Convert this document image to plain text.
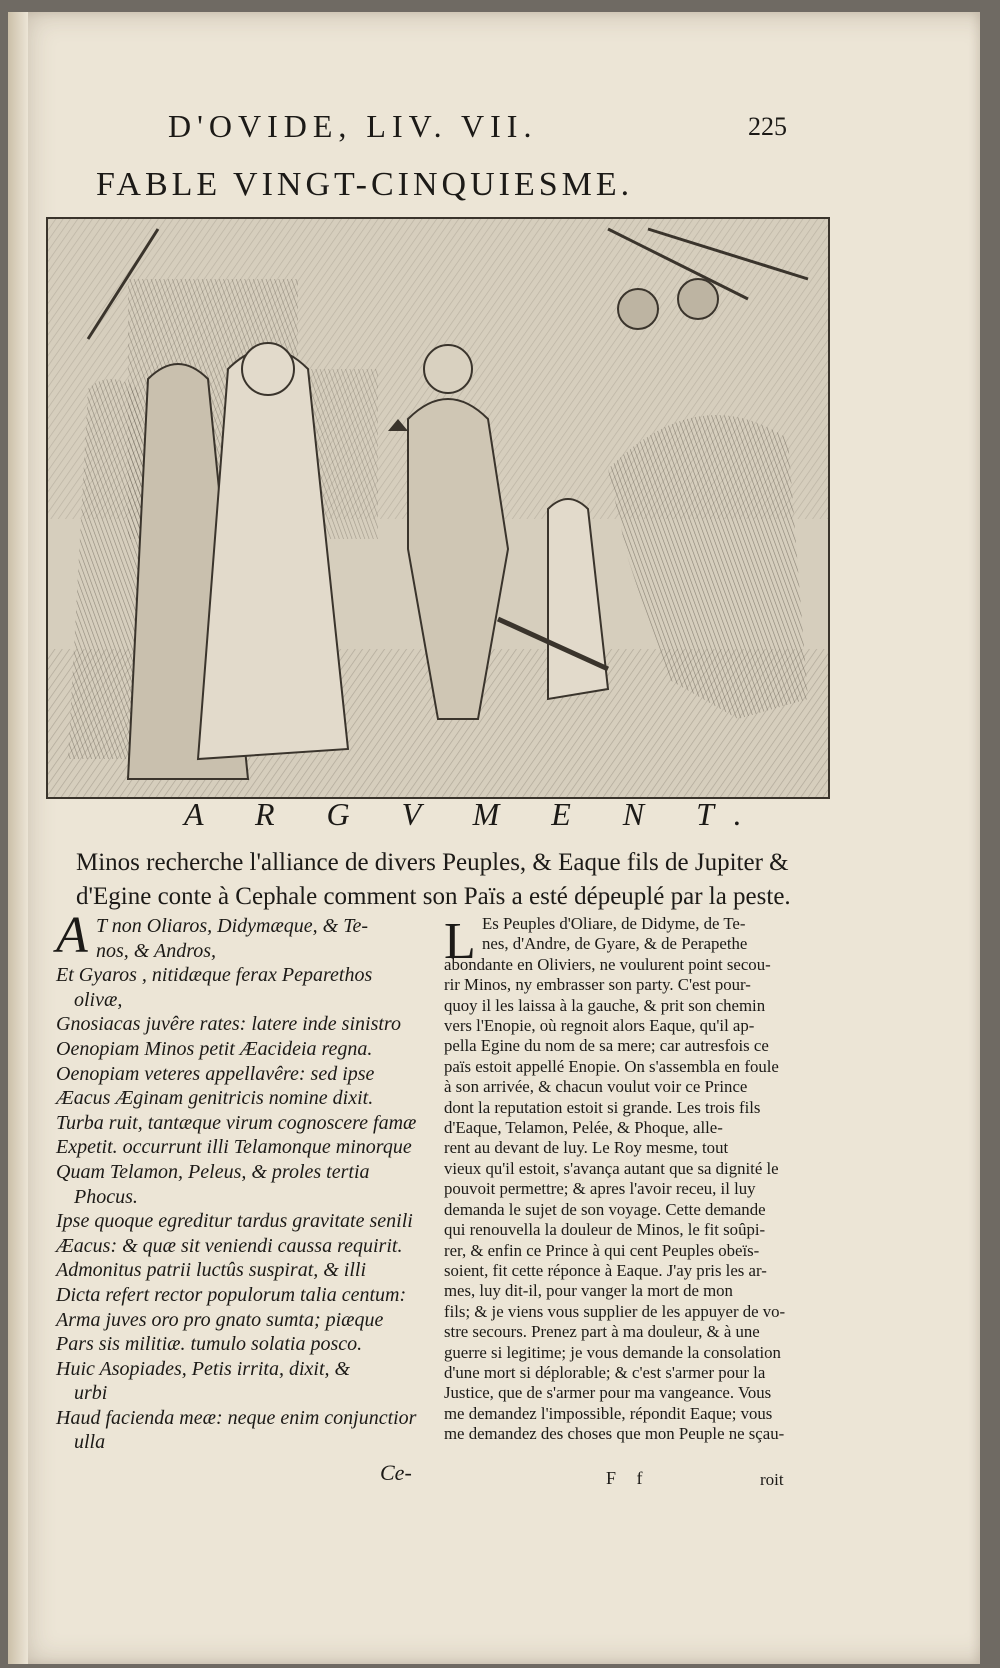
D'OVIDE, LIV. VII.	225
FABLE VINGT-CINQUIESME.
A R G V M E N T.
Minos recherche l'alliance de divers Peuples, & Eaque fils de Jupiter &
d'Egine conte à Cephale comment son Païs a esté dépeuplé par la peste.
A T non Oliaros, Didymæque, & Te-
nos, & Andros,
Et Gyaros , nitidæque ferax Peparethos
olivæ,
Gnosiacas juvêre rates: latere inde sinistro
Oenopiam Minos petit Æacideia regna.
Oenopiam veteres appellavêre: sed ipse
Æacus Æginam genitricis nomine dixit.
Turba ruit, tantæque virum cognoscere famæ
Expetit. occurrunt illi Telamonque minorque
Quam Telamon, Peleus, & proles tertia
Phocus.
Ipse quoque egreditur tardus gravitate senili
Æacus: & quæ sit veniendi caussa requirit.
Admonitus patrii luctûs suspirat, & illi
Dicta refert rector populorum talia centum:
Arma juves oro pro gnato sumta; piæque
Pars sis militiæ. tumulo solatia posco.
Huic Asopiades, Petis irrita, dixit, &
urbi
Haud facienda meæ: neque enim conjunctior
ulla
Ce-
L Es Peuples d'Oliare, de Didyme, de Te-
nes, d'Andre, de Gyare, & de Perapethe
abondante en Oliviers, ne voulurent point secou-
rir Minos, ny embrasser son party. C'est pour-
quoy il les laissa à la gauche, & prit son chemin
vers l'Enopie, où regnoit alors Eaque, qu'il ap-
pella Egine du nom de sa mere; car autresfois ce
païs estoit appellé Enopie. On s'assembla en foule
à son arrivée, & chacun voulut voir ce Prince
dont la reputation estoit si grande. Les trois fils
d'Eaque, Telamon, Pelée, & Phoque, alle-
rent au devant de luy. Le Roy mesme, tout
vieux qu'il estoit, s'avança autant que sa dignité le
pouvoit permettre; & apres l'avoir receu, il luy
demanda le sujet de son voyage. Cette demande
qui renouvella la douleur de Minos, le fit soûpi-
rer, & enfin ce Prince à qui cent Peuples obeïs-
soient, fit cette réponce à Eaque. J'ay pris les ar-
mes, luy dit-il, pour vanger la mort de mon
fils; & je viens vous supplier de les appuyer de vo-
stre secours. Prenez part à ma douleur, & à une
guerre si legitime; je vous demande la consolation
d'une mort si déplorable; & c'est s'armer pour la
Justice, que de s'armer pour ma vangeance. Vous
me demandez l'impossible, répondit Eaque; vous
me demandez des choses que mon Peuple ne sçau-
F f	roit
